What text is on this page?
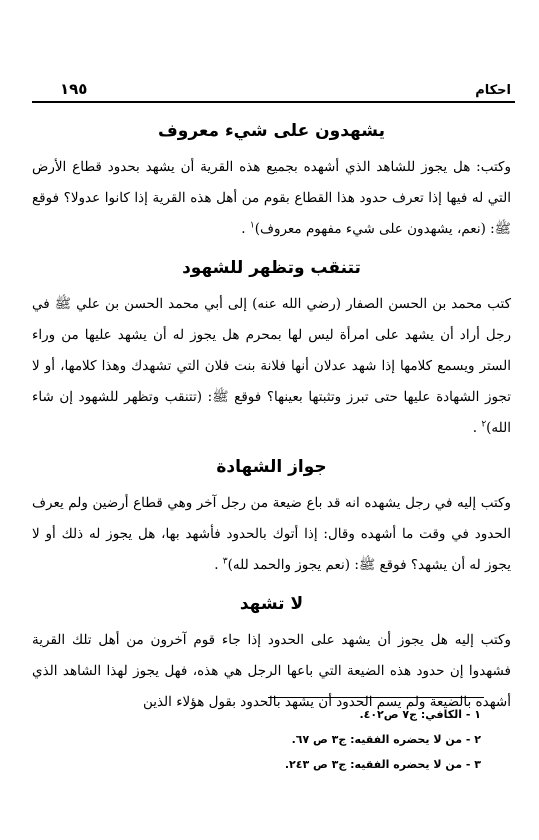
١٩٥	احكام
يشهدون على شيء معروف

وكتب: هل يجوز للشاهد الذي أشهده بجميع هذه القرية أن يشهد بحدود قطاع الأرض التي له فيها إذا تعرف حدود هذا القطاع بقوم من أهل هذه القرية إذا كانوا عدولا؟ فوقع ﷺ: (نعم، يشهدون على شيء مفهوم معروف)$^١$ .

تتنقب وتظهر للشهود

كتب محمد بن الحسن الصفار (رضي الله عنه) إلى أبي محمد الحسن بن علي ﷺ في رجل أراد أن يشهد على امرأة ليس لها بمحرم هل يجوز له أن يشهد عليها من وراء الستر ويسمع كلامها إذا شهد عدلان أنها فلانة بنت فلان التي تشهدك وهذا كلامها، أو لا تجوز الشهادة عليها حتى تبرز وتثبتها بعينها؟ فوقع ﷺ: (تتنقب وتظهر للشهود إن شاء الله)$^٢$ .

جواز الشهادة

وكتب إليه في رجل يشهده انه قد باع ضيعة من رجل آخر وهي قطاع أرضين ولم يعرف الحدود في وقت ما أشهده وقال: إذا أتوك بالحدود فأشهد بها، هل يجوز له ذلك أو لا يجوز له أن يشهد؟ فوقع ﷺ: (نعم يجوز والحمد لله)$^٣$ .

لا تشهد

وكتب إليه هل يجوز أن يشهد على الحدود إذا جاء قوم آخرون من أهل تلك القرية فشهدوا إن حدود هذه الضيعة التي باعها الرجل هي هذه، فهل يجوز لهذا الشاهد الذي أشهده بالضيعة ولم يسم الحدود أن يشهد بالحدود بقول هؤلاء الذين

١ - الكافي: ج٧ ص٤٠٢.
٢ - من لا يحضره الفقيه: ج٣ ص ٦٧.
٣ - من لا يحضره الفقيه: ج٣ ص ٢٤٣.
